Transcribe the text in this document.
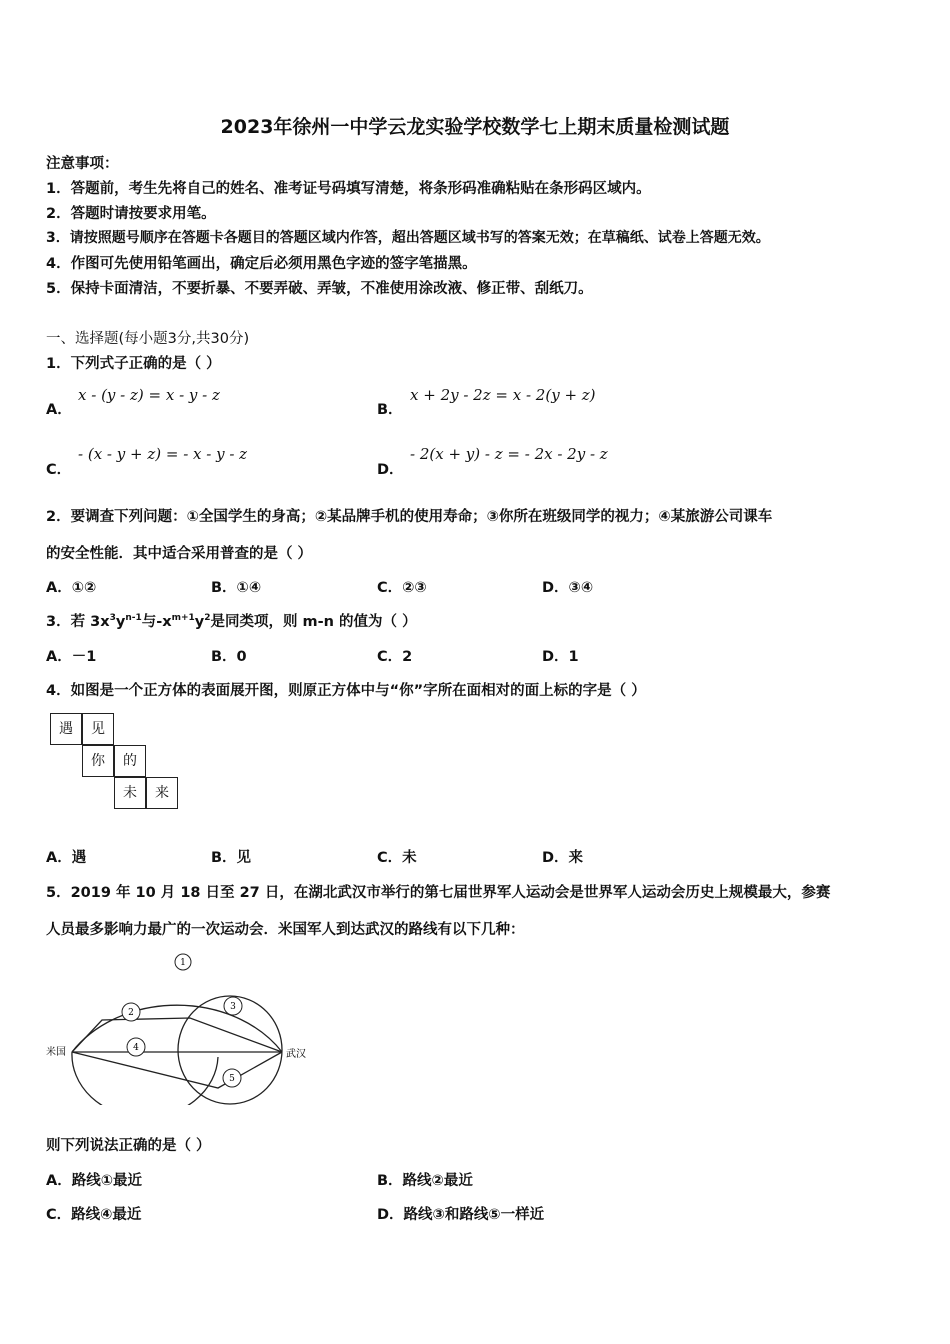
2023年徐州一中学云龙实验学校数学七上期末质量检测试题
注意事项：
1．答题前，考生先将自己的姓名、准考证号码填写清楚，将条形码准确粘贴在条形码区域内。
2．答题时请按要求用笔。
3．请按照题号顺序在答题卡各题目的答题区域内作答，超出答题区域书写的答案无效；在草稿纸、试卷上答题无效。
4．作图可先使用铅笔画出，确定后必须用黑色字迹的签字笔描黑。
5．保持卡面清洁，不要折暴、不要弄破、弄皱，不准使用涂改液、修正带、刮纸刀。
一、选择题(每小题3分,共30分)
1．下列式子正确的是（ ）
A．
x - (y - z) = x - y - z
B．
x + 2y - 2z = x - 2(y + z)
C．
- (x - y + z) = - x - y - z
D．
- 2(x + y) - z = - 2x - 2y - z
2．要调查下列问题：①全国学生的身高；②某品牌手机的使用寿命；③你所在班级同学的视力；④某旅游公司课车
的安全性能．其中适合采用普查的是（ ）
A．①②	B．①④	C．②③	D．③④
3．若 $3x^3y^{n-1}$与$-x^{m+1}y^2$是同类项，则 m-n 的值为（ ）
A．－1	B．0	C．2	D．1
4．如图是一个正方体的表面展开图，则原正方体中与“你”字所在面相对的面上标的字是（ ）
遇	见
你	的
未	来
A．遇	B．见	C．未	D．来
5．2019 年 10 月 18 日至 27 日，在湖北武汉市举行的第七届世界军人运动会是世界军人运动会历史上规模最大，参赛
人员最多影响力最广的一次运动会．米国军人到达武汉的路线有以下几种：
1
2
3
4
5
米国	武汉
则下列说法正确的是（ ）
A．路线①最近	B．路线②最近
C．路线④最近	D．路线③和路线⑤一样近
